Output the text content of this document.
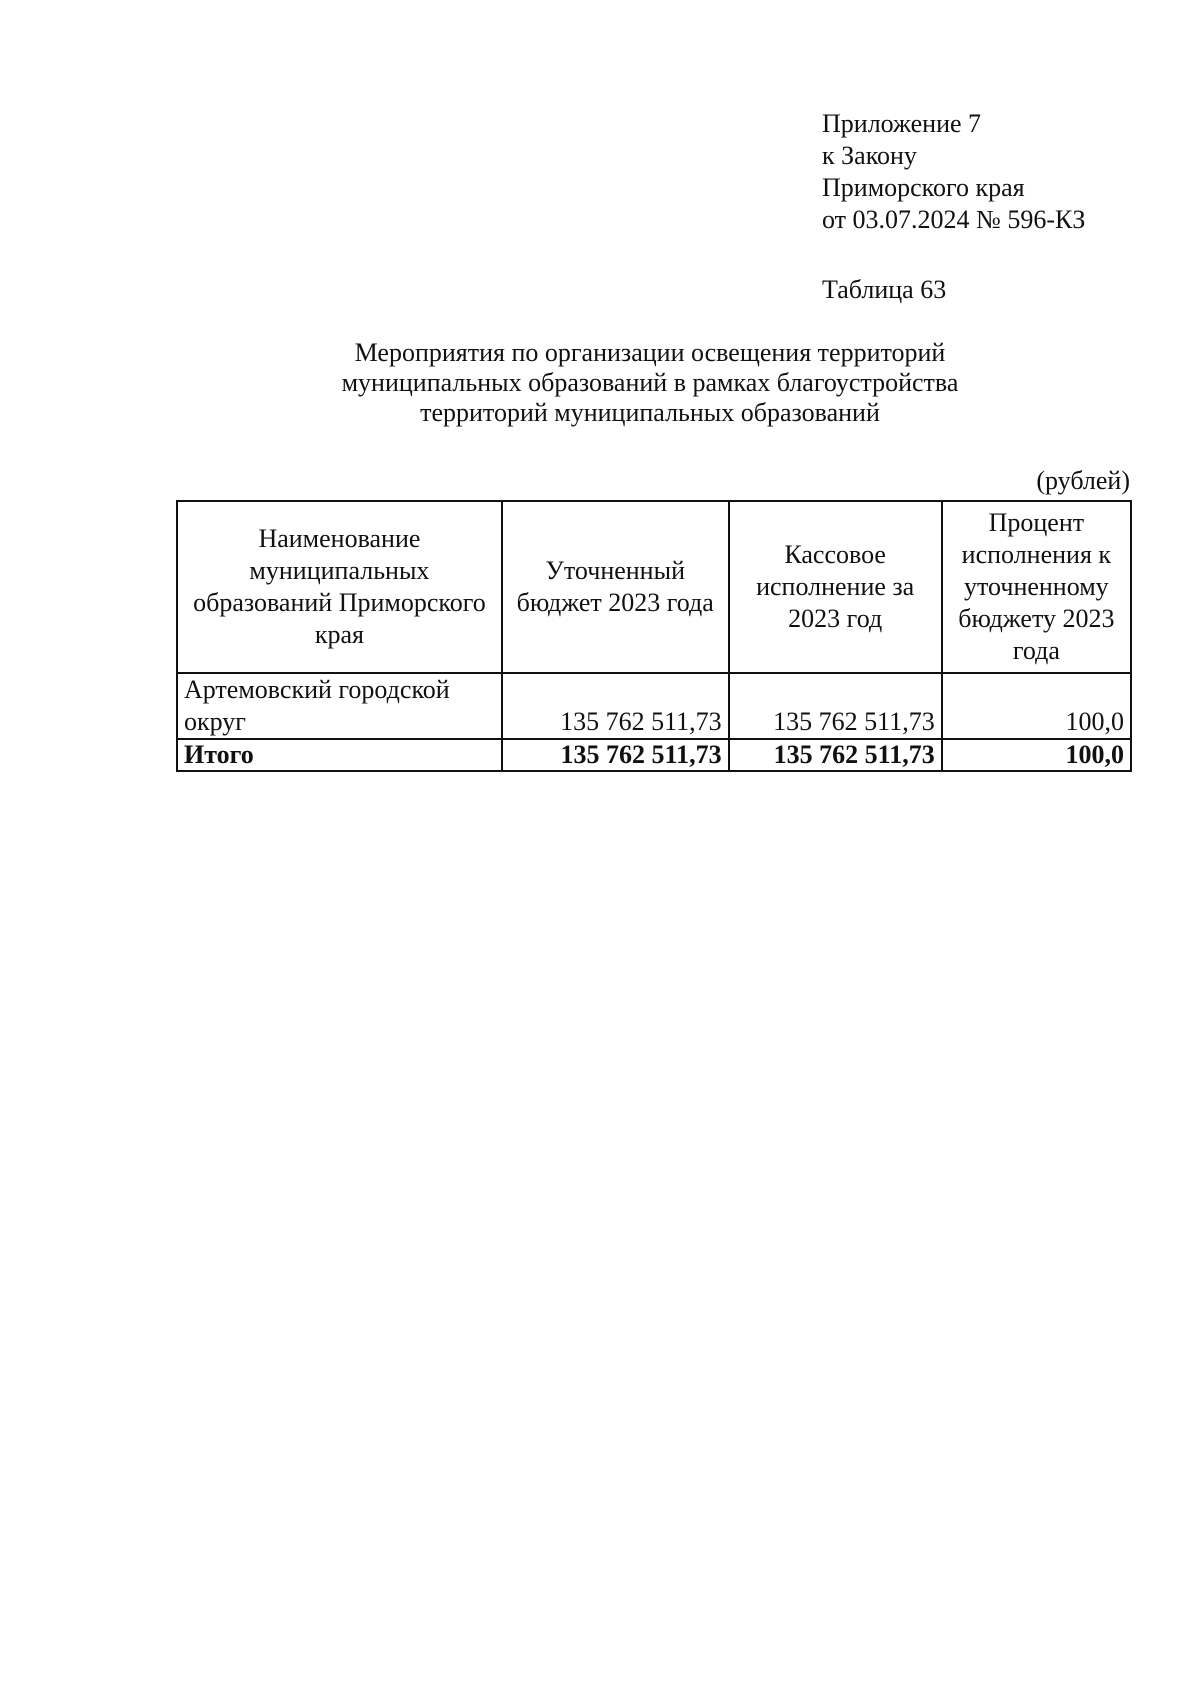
Приложение 7
к Закону
Приморского края
от 03.07.2024 № 596-КЗ
Таблица 63
Мероприятия по организации освещения территорий
муниципальных образований в рамках благоустройства
территорий муниципальных образований
(рублей)
Наименование муниципальных образований Приморского края	Уточненный бюджет 2023 года	Кассовое исполнение за 2023 год	Процент исполнения к уточненному бюджету 2023 года
Артемовский городской округ	135 762 511,73	135 762 511,73	100,0
Итого	135 762 511,73	135 762 511,73	100,0
